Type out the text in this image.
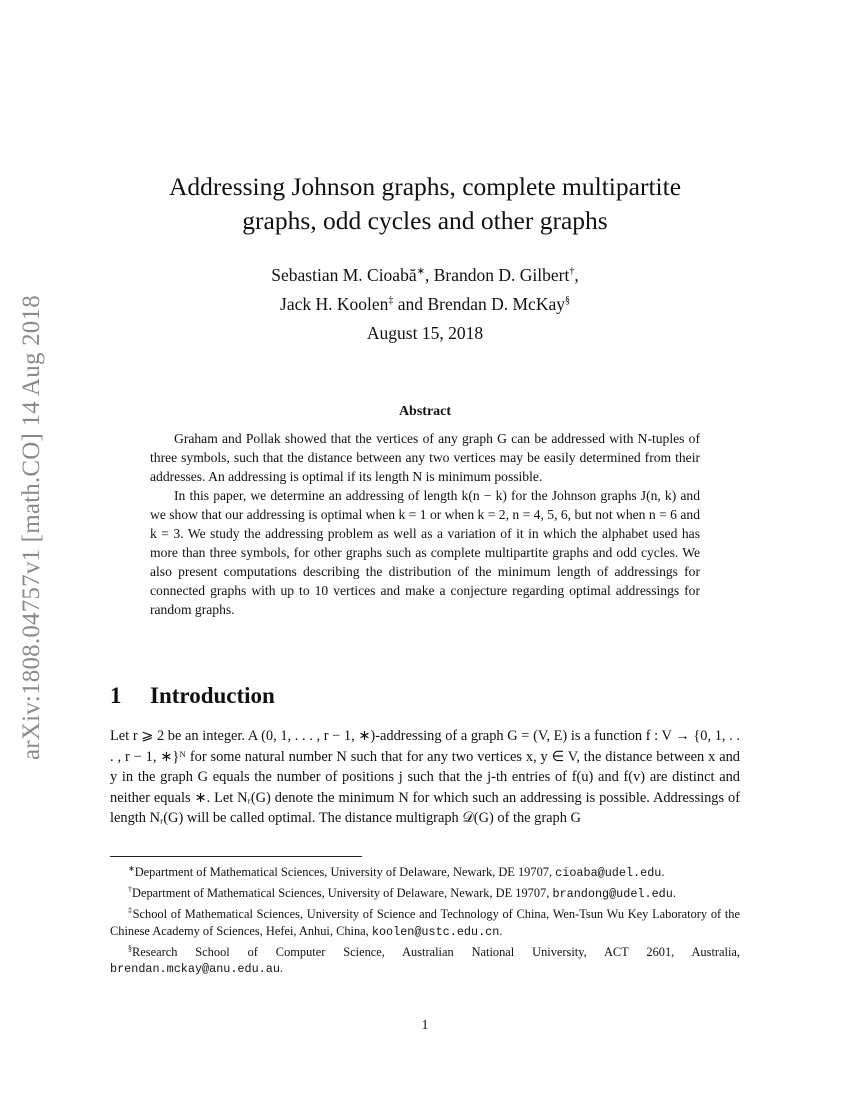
arXiv:1808.04757v1 [math.CO] 14 Aug 2018
Addressing Johnson graphs, complete multipartite
graphs, odd cycles and other graphs
Sebastian M. Cioabă∗, Brandon D. Gilbert†,
Jack H. Koolen‡ and Brendan D. McKay§
August 15, 2018
Abstract

Graham and Pollak showed that the vertices of any graph G can be addressed with N-tuples of three symbols, such that the distance between any two vertices may be easily determined from their addresses. An addressing is optimal if its length N is minimum possible.

In this paper, we determine an addressing of length k(n − k) for the Johnson graphs J(n, k) and we show that our addressing is optimal when k = 1 or when k = 2, n = 4, 5, 6, but not when n = 6 and k = 3. We study the addressing problem as well as a variation of it in which the alphabet used has more than three symbols, for other graphs such as complete multipartite graphs and odd cycles. We also present computations describing the distribution of the minimum length of addressings for connected graphs with up to 10 vertices and make a conjecture regarding optimal addressings for random graphs.

1 Introduction

Let r ⩾ 2 be an integer. A (0, 1, . . . , r − 1, ∗)-addressing of a graph G = (V, E) is a function f : V → {0, 1, . . . , r − 1, ∗}ᴺ for some natural number N such that for any two vertices x, y ∈ V, the distance between x and y in the graph G equals the number of positions j such that the j-th entries of f(u) and f(v) are distinct and neither equals ∗. Let Nᵣ(G) denote the minimum N for which such an addressing is possible. Addressings of length Nᵣ(G) will be called optimal. The distance multigraph 𝒟(G) of the graph G

∗Department of Mathematical Sciences, University of Delaware, Newark, DE 19707, cioaba@udel.edu.

†Department of Mathematical Sciences, University of Delaware, Newark, DE 19707, brandong@udel.edu.

‡School of Mathematical Sciences, University of Science and Technology of China, Wen-Tsun Wu Key Laboratory of the Chinese Academy of Sciences, Hefei, Anhui, China, koolen@ustc.edu.cn.

§Research School of Computer Science, Australian National University, ACT 2601, Australia, brendan.mckay@anu.edu.au.

1
